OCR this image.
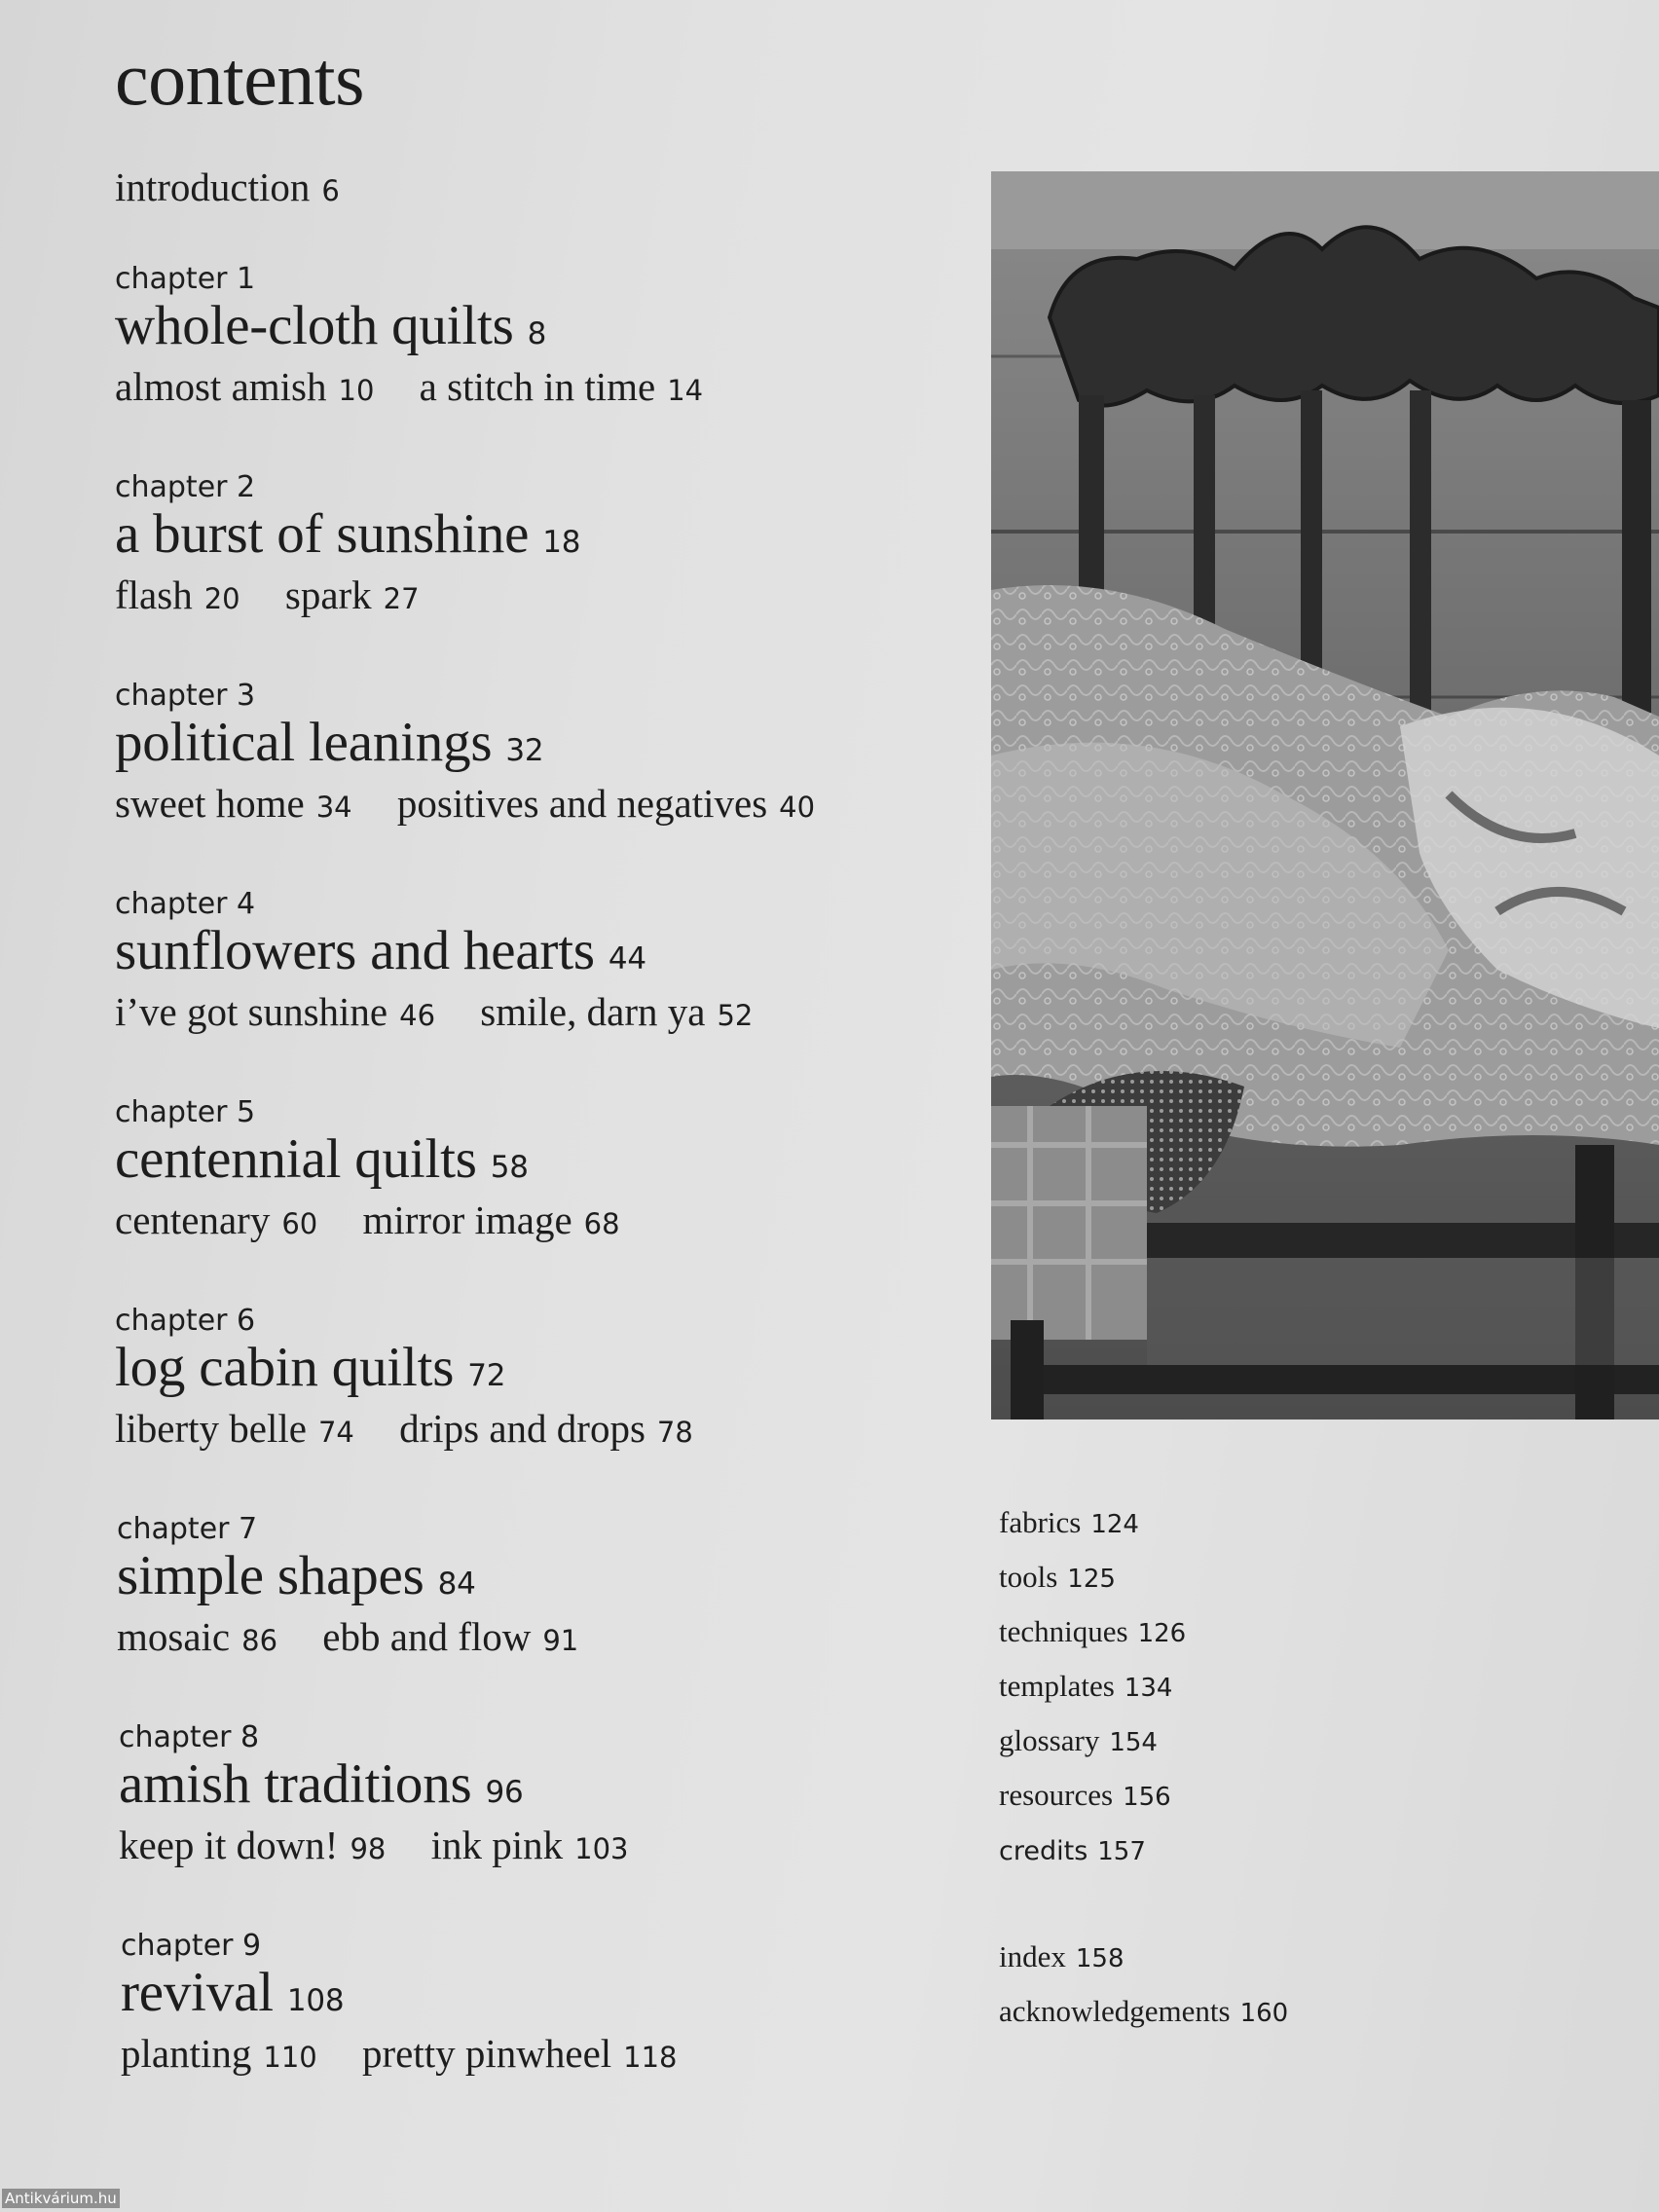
contents
introduction 6
chapter 1
whole-cloth quilts 8
almost amish 10 a stitch in time 14
chapter 2
a burst of sunshine 18
flash 20 spark 27
chapter 3
political leanings 32
sweet home 34 positives and negatives 40
chapter 4
sunflowers and hearts 44
i’ve got sunshine 46 smile, darn ya 52
chapter 5
centennial quilts 58
centenary 60 mirror image 68
chapter 6
log cabin quilts 72
liberty belle 74 drips and drops 78
chapter 7
simple shapes 84
mosaic 86 ebb and flow 91
chapter 8
amish traditions 96
keep it down! 98 ink pink 103
chapter 9
revival 108
planting 110 pretty pinwheel 118
fabrics 124
tools 125
techniques 126
templates 134
glossary 154
resources 156
credits 157
index 158
acknowledgements 160
Antikvárium.hu
